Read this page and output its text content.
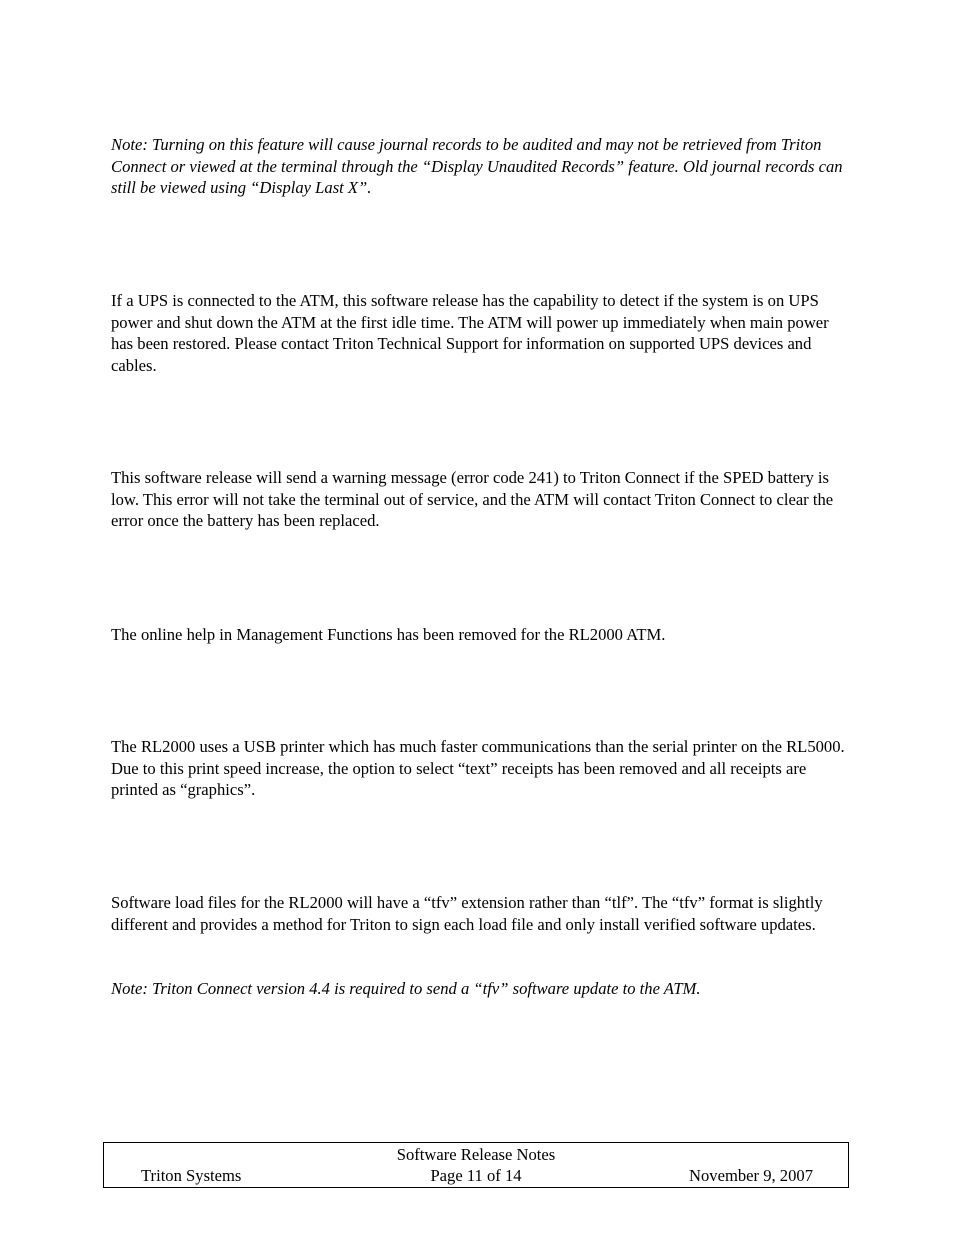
Note: Turning on this feature will cause journal records to be audited and may not be retrieved from Triton Connect or viewed at the terminal through the “Display Unaudited Records” feature. Old journal records can still be viewed using “Display Last X”.

If a UPS is connected to the ATM, this software release has the capability to detect if the system is on UPS power and shut down the ATM at the first idle time. The ATM will power up immediately when main power has been restored. Please contact Triton Technical Support for information on supported UPS devices and cables.

This software release will send a warning message (error code 241) to Triton Connect if the SPED battery is low. This error will not take the terminal out of service, and the ATM will contact Triton Connect to clear the error once the battery has been replaced.

The online help in Management Functions has been removed for the RL2000 ATM.

The RL2000 uses a USB printer which has much faster communications than the serial printer on the RL5000. Due to this print speed increase, the option to select “text” receipts has been removed and all receipts are printed as “graphics”.

Software load files for the RL2000 will have a “tfv” extension rather than “tlf”. The “tfv” format is slightly different and provides a method for Triton to sign each load file and only install verified software updates.

Note: Triton Connect version 4.4 is required to send a “tfv” software update to the ATM.

Software Release Notes
Triton Systems	Page 11 of 14	November 9, 2007
